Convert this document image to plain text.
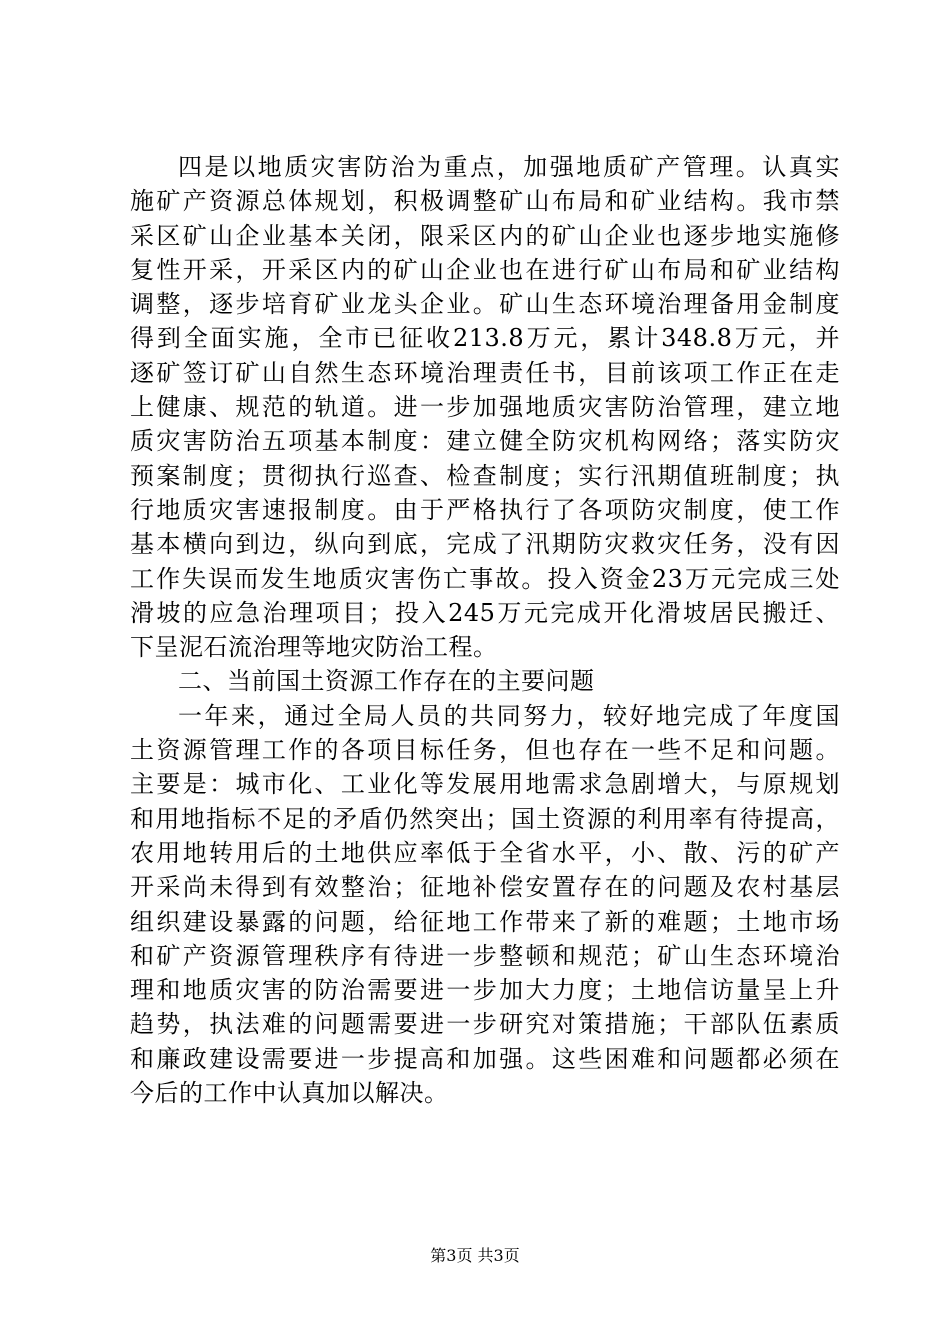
四是以地质灾害防治为重点，加强地质矿产管理。认真实
施矿产资源总体规划，积极调整矿山布局和矿业结构。我市禁
采区矿山企业基本关闭，限采区内的矿山企业也逐步地实施修
复性开采，开采区内的矿山企业也在进行矿山布局和矿业结构
调整，逐步培育矿业龙头企业。矿山生态环境治理备用金制度
得到全面实施，全市已征收213.8万元，累计348.8万元，并
逐矿签订矿山自然生态环境治理责任书，目前该项工作正在走
上健康、规范的轨道。进一步加强地质灾害防治管理，建立地
质灾害防治五项基本制度：建立健全防灾机构网络；落实防灾
预案制度；贯彻执行巡查、检查制度；实行汛期值班制度；执
行地质灾害速报制度。由于严格执行了各项防灾制度，使工作
基本横向到边，纵向到底，完成了汛期防灾救灾任务，没有因
工作失误而发生地质灾害伤亡事故。投入资金23万元完成三处
滑坡的应急治理项目；投入245万元完成开化滑坡居民搬迁、
下呈泥石流治理等地灾防治工程。
二、当前国土资源工作存在的主要问题
一年来，通过全局人员的共同努力，较好地完成了年度国
土资源管理工作的各项目标任务，但也存在一些不足和问题。
主要是：城市化、工业化等发展用地需求急剧增大，与原规划
和用地指标不足的矛盾仍然突出；国土资源的利用率有待提高，
农用地转用后的土地供应率低于全省水平，小、散、污的矿产
开采尚未得到有效整治；征地补偿安置存在的问题及农村基层
组织建设暴露的问题，给征地工作带来了新的难题；土地市场
和矿产资源管理秩序有待进一步整顿和规范；矿山生态环境治
理和地质灾害的防治需要进一步加大力度；土地信访量呈上升
趋势，执法难的问题需要进一步研究对策措施；干部队伍素质
和廉政建设需要进一步提高和加强。这些困难和问题都必须在
今后的工作中认真加以解决。
第3页 共3页
